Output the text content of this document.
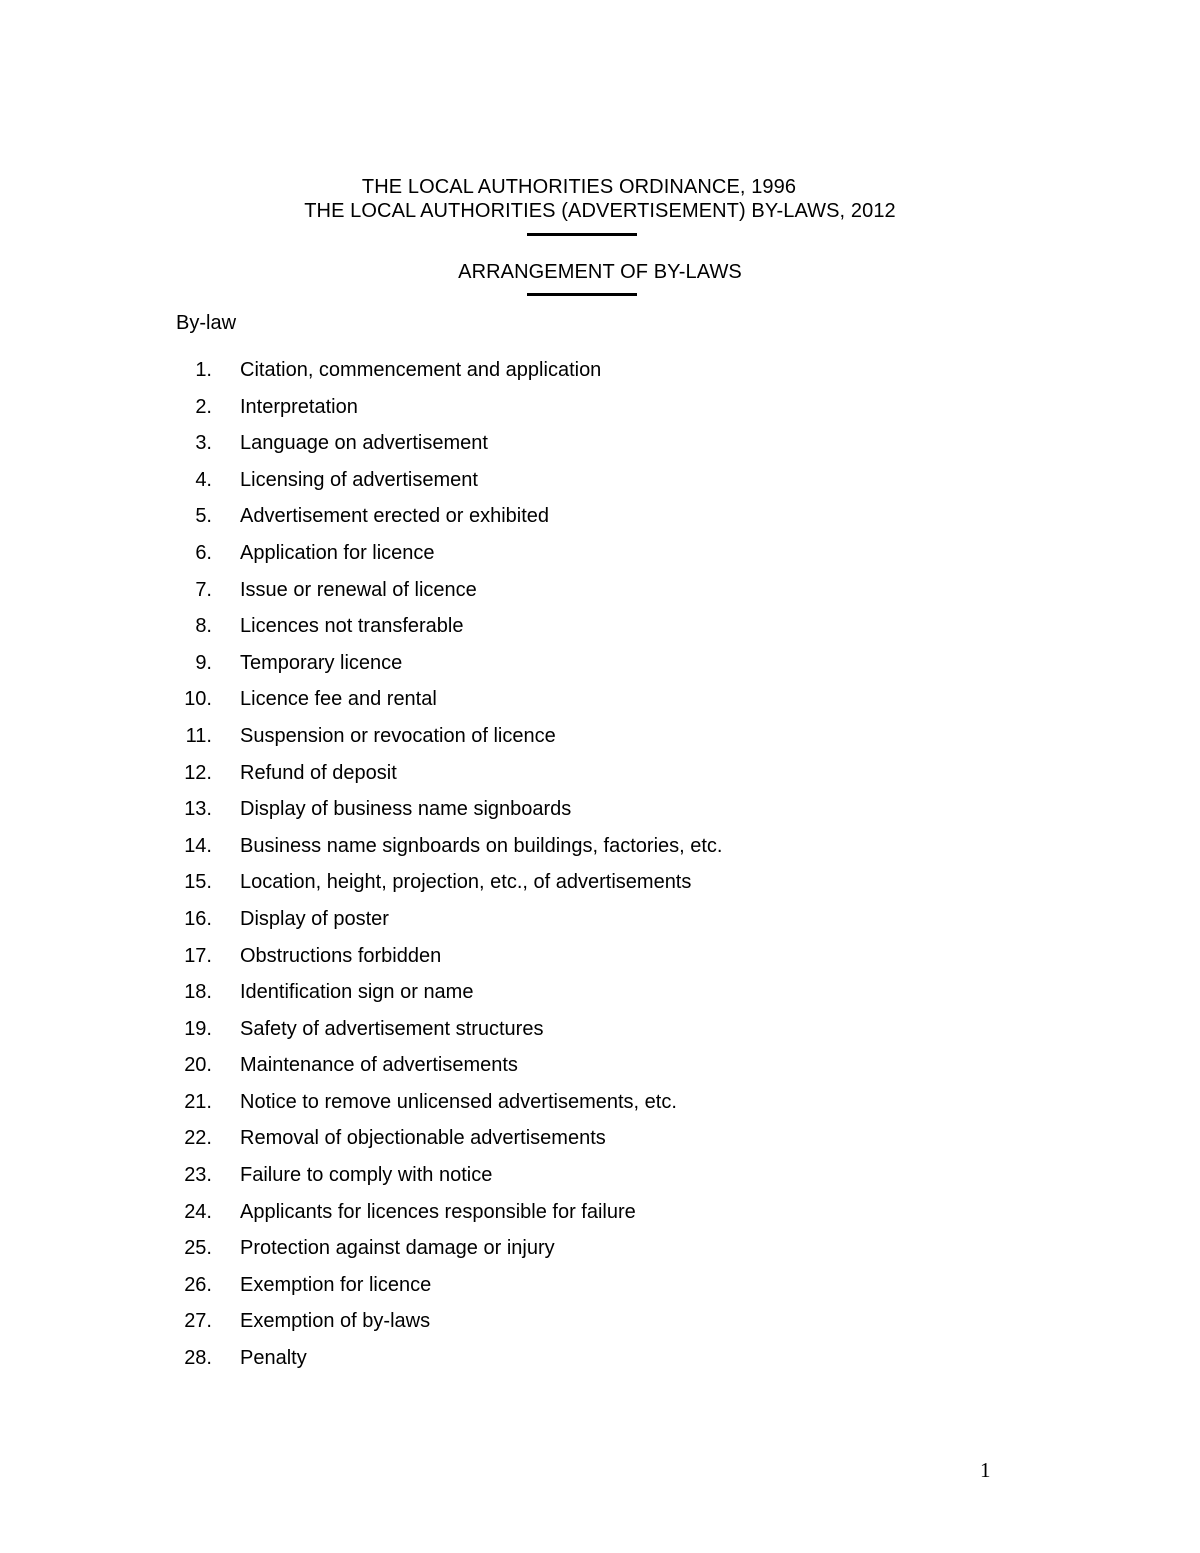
THE LOCAL AUTHORITIES ORDINANCE, 1996
THE LOCAL AUTHORITIES (ADVERTISEMENT) BY-LAWS, 2012
ARRANGEMENT OF BY-LAWS
By-law
1. Citation, commencement and application
2. Interpretation
3. Language on advertisement
4. Licensing of advertisement
5. Advertisement erected or exhibited
6. Application for licence
7. Issue or renewal of licence
8. Licences not transferable
9. Temporary licence
10. Licence fee and rental
11. Suspension or revocation of licence
12. Refund of deposit
13. Display of business name signboards
14. Business name signboards on buildings, factories, etc.
15. Location, height, projection, etc., of advertisements
16. Display of poster
17. Obstructions forbidden
18. Identification sign or name
19. Safety of advertisement structures
20. Maintenance of advertisements
21. Notice to remove unlicensed advertisements, etc.
22. Removal of objectionable advertisements
23. Failure to comply with notice
24. Applicants for licences responsible for failure
25. Protection against damage or injury
26. Exemption for licence
27. Exemption of by-laws
28. Penalty
1
